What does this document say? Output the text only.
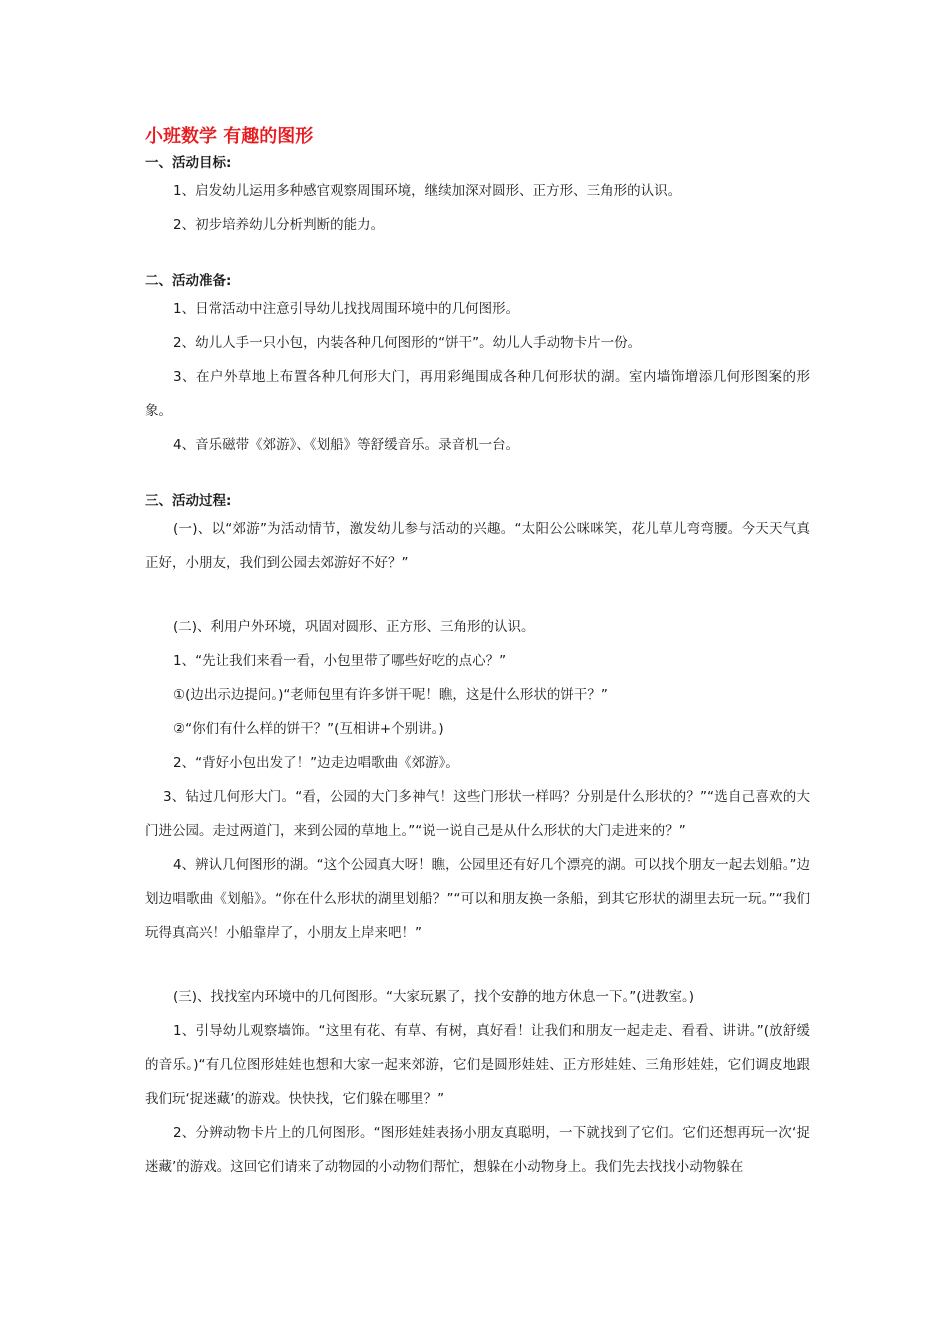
小班数学 有趣的图形

一、活动目标:

1、启发幼儿运用多种感官观察周围环境，继续加深对圆形、正方形、三角形的认识。

2、初步培养幼儿分析判断的能力。

二、活动准备:

1、日常活动中注意引导幼儿找找周围环境中的几何图形。

2、幼儿人手一只小包，内装各种几何图形的“饼干”。幼儿人手动物卡片一份。

3、在户外草地上布置各种几何形大门，再用彩绳围成各种几何形状的湖。室内墙饰增添几何形图案的形象。

4、音乐磁带《郊游》、《划船》等舒缓音乐。录音机一台。

三、活动过程:

(一)、以“郊游”为活动情节，激发幼儿参与活动的兴趣。“太阳公公咪咪笑，花儿草儿弯弯腰。今天天气真正好，小朋友，我们到公园去郊游好不好？”

(二)、利用户外环境，巩固对圆形、正方形、三角形的认识。

1、“先让我们来看一看，小包里带了哪些好吃的点心？”

①(边出示边提问。)“老师包里有许多饼干呢！瞧，这是什么形状的饼干？”

②“你们有什么样的饼干？”(互相讲+个别讲。)

2、“背好小包出发了！”边走边唱歌曲《郊游》。

3、钻过几何形大门。“看，公园的大门多神气！这些门形状一样吗？分别是什么形状的？”“选自己喜欢的大门进公园。走过两道门，来到公园的草地上。”“说一说自己是从什么形状的大门走进来的？”

4、辨认几何图形的湖。“这个公园真大呀！瞧，公园里还有好几个漂亮的湖。可以找个朋友一起去划船。”边划边唱歌曲《划船》。“你在什么形状的湖里划船？”“可以和朋友换一条船，到其它形状的湖里去玩一玩。”“我们玩得真高兴！小船靠岸了，小朋友上岸来吧！”

(三)、找找室内环境中的几何图形。“大家玩累了，找个安静的地方休息一下。”(进教室。)

1、引导幼儿观察墙饰。“这里有花、有草、有树，真好看！让我们和朋友一起走走、看看、讲讲。”(放舒缓的音乐。)“有几位图形娃娃也想和大家一起来郊游，它们是圆形娃娃、正方形娃娃、三角形娃娃，它们调皮地跟我们玩‘捉迷藏’的游戏。快快找，它们躲在哪里？”

2、分辨动物卡片上的几何图形。“图形娃娃表扬小朋友真聪明，一下就找到了它们。它们还想再玩一次‘捉迷藏’的游戏。这回它们请来了动物园的小动物们帮忙，想躲在小动物身上。我们先去找找小动物躲在
